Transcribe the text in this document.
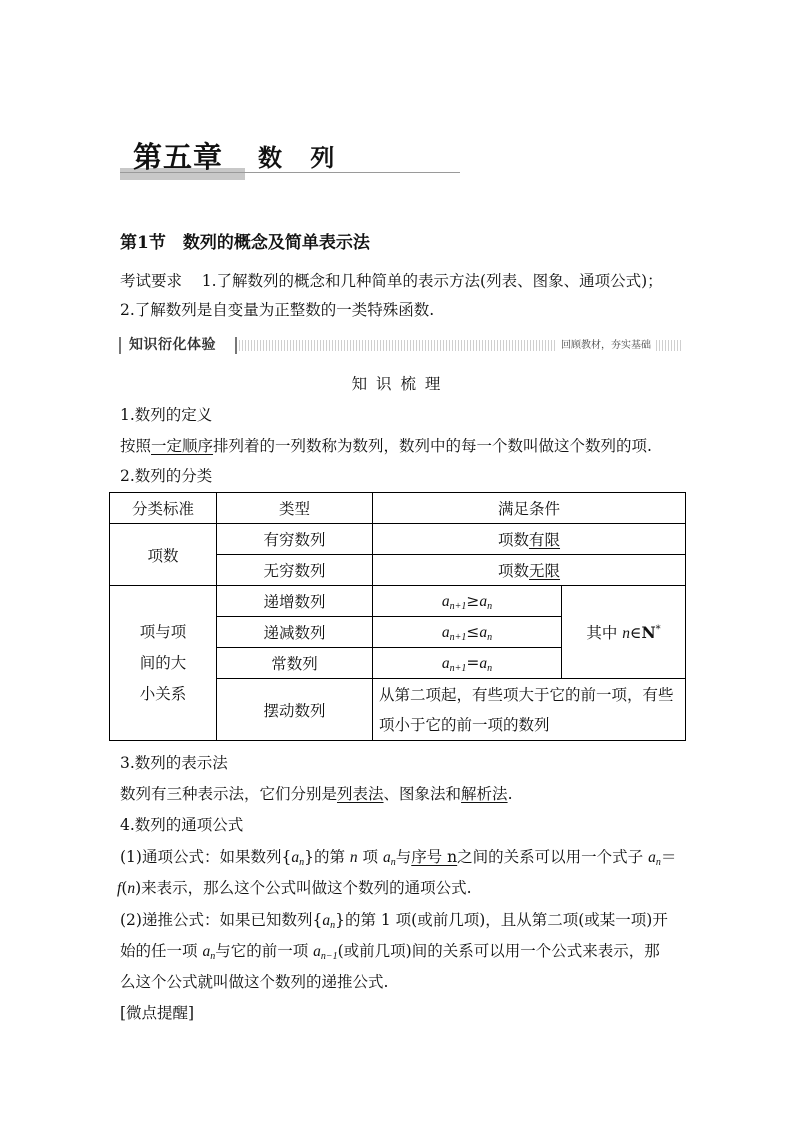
第五章 数 列
第1节　数列的概念及简单表示法
考试要求 1.了解数列的概念和几种简单的表示方法(列表、图象、通项公式)；
2.了解数列是自变量为正整数的一类特殊函数.
知识衍化体验	回顾教材，夯实基础
知 识 梳 理
1.数列的定义
按照一定顺序排列着的一列数称为数列，数列中的每一个数叫做这个数列的项.
2.数列的分类
分类标准	类型	满足条件	
项数	有穷数列	项数有限	
	无穷数列	项数无限	

项与项
间的大
小关系	递增数列	$a_{n+1}\ge a_n$	其中 n∈N*
	递减数列	$a_{n+1}\le a_n$
	常数列	$a_{n+1}=a_n$
	摆动数列	从第二项起，有些项大于它的前一项，有些
项小于它的前一项的数列	
3.数列的表示法
数列有三种表示法，它们分别是列表法、图象法和解析法.
4.数列的通项公式
(1)通项公式：如果数列$\{a_n\}$的第 n 项 $a_n$与序号 n之间的关系可以用一个式子 $a_n=$
f(n)来表示，那么这个公式叫做这个数列的通项公式.
(2)递推公式：如果已知数列$\{a_n\}$的第 1 项(或前几项)，且从第二项(或某一项)开
始的任一项 $a_n$与它的前一项 $a_{n-1}$(或前几项)间的关系可以用一个公式来表示，那
么这个公式就叫做这个数列的递推公式.
[微点提醒]
